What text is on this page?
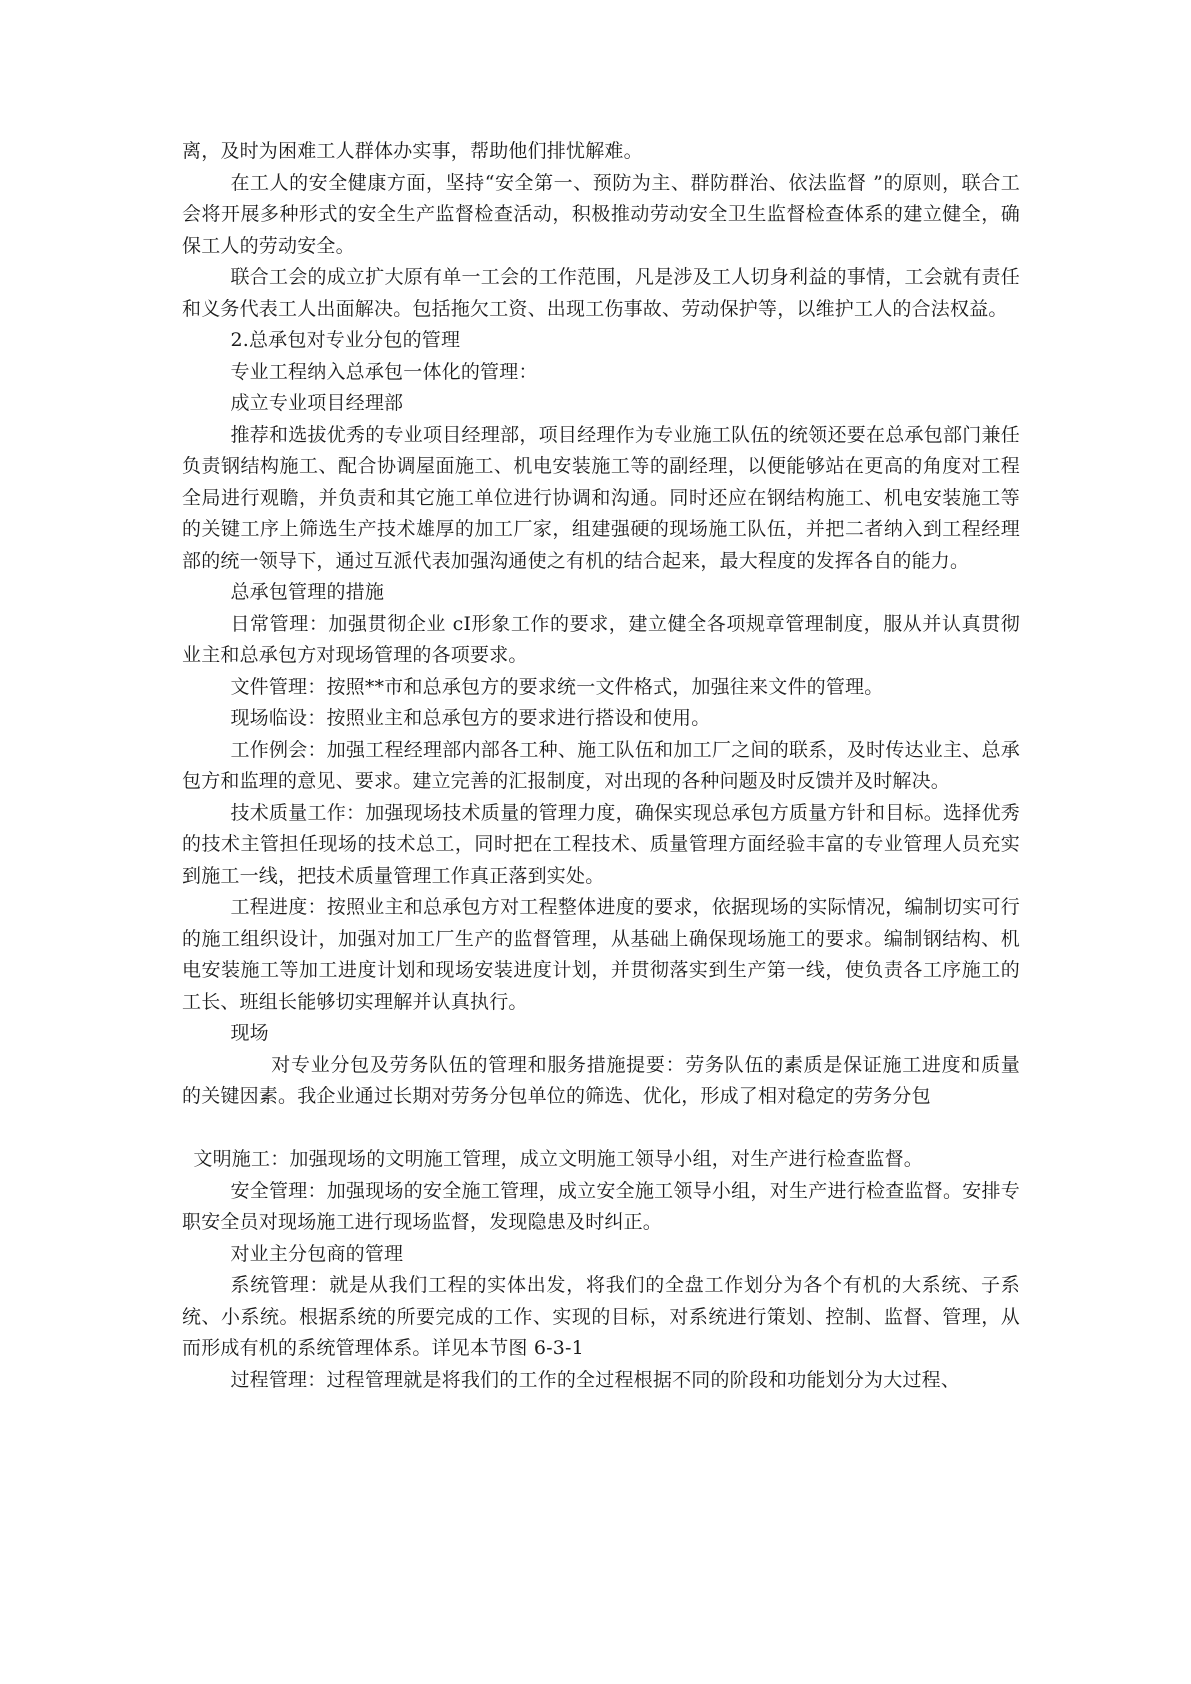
离，及时为困难工人群体办实事，帮助他们排忧解难。

在工人的安全健康方面，坚持“安全第一、预防为主、群防群治、依法监督 ”的原则，联合工会将开展多种形式的安全生产监督检查活动，积极推动劳动安全卫生监督检查体系的建立健全，确保工人的劳动安全。

联合工会的成立扩大原有单一工会的工作范围，凡是涉及工人切身利益的事情，工会就有责任和义务代表工人出面解决。包括拖欠工资、出现工伤事故、劳动保护等，以维护工人的合法权益。

2.总承包对专业分包的管理

专业工程纳入总承包一体化的管理：

成立专业项目经理部

推荐和选拔优秀的专业项目经理部，项目经理作为专业施工队伍的统领还要在总承包部门兼任负责钢结构施工、配合协调屋面施工、机电安装施工等的副经理，以便能够站在更高的角度对工程全局进行观瞻，并负责和其它施工单位进行协调和沟通。同时还应在钢结构施工、机电安装施工等的关键工序上筛选生产技术雄厚的加工厂家，组建强硬的现场施工队伍，并把二者纳入到工程经理部的统一领导下，通过互派代表加强沟通使之有机的结合起来，最大程度的发挥各自的能力。

总承包管理的措施

日常管理：加强贯彻企业 cI形象工作的要求，建立健全各项规章管理制度，服从并认真贯彻业主和总承包方对现场管理的各项要求。

文件管理：按照**市和总承包方的要求统一文件格式，加强往来文件的管理。

现场临设：按照业主和总承包方的要求进行搭设和使用。

工作例会：加强工程经理部内部各工种、施工队伍和加工厂之间的联系，及时传达业主、总承包方和监理的意见、要求。建立完善的汇报制度，对出现的各种问题及时反馈并及时解决。

技术质量工作：加强现场技术质量的管理力度，确保实现总承包方质量方针和目标。选择优秀的技术主管担任现场的技术总工，同时把在工程技术、质量管理方面经验丰富的专业管理人员充实到施工一线，把技术质量管理工作真正落到实处。

工程进度：按照业主和总承包方对工程整体进度的要求，依据现场的实际情况，编制切实可行的施工组织设计，加强对加工厂生产的监督管理，从基础上确保现场施工的要求。编制钢结构、机电安装施工等加工进度计划和现场安装进度计划，并贯彻落实到生产第一线，使负责各工序施工的工长、班组长能够切实理解并认真执行。

现场

对专业分包及劳务队伍的管理和服务措施提要：劳务队伍的素质是保证施工进度和质量的关键因素。我企业通过长期对劳务分包单位的筛选、优化，形成了相对稳定的劳务分包

文明施工：加强现场的文明施工管理，成立文明施工领导小组，对生产进行检查监督。

安全管理：加强现场的安全施工管理，成立安全施工领导小组，对生产进行检查监督。安排专职安全员对现场施工进行现场监督，发现隐患及时纠正。

对业主分包商的管理

系统管理：就是从我们工程的实体出发，将我们的全盘工作划分为各个有机的大系统、子系统、小系统。根据系统的所要完成的工作、实现的目标，对系统进行策划、控制、监督、管理，从而形成有机的系统管理体系。详见本节图 6-3-1

过程管理：过程管理就是将我们的工作的全过程根据不同的阶段和功能划分为大过程、
